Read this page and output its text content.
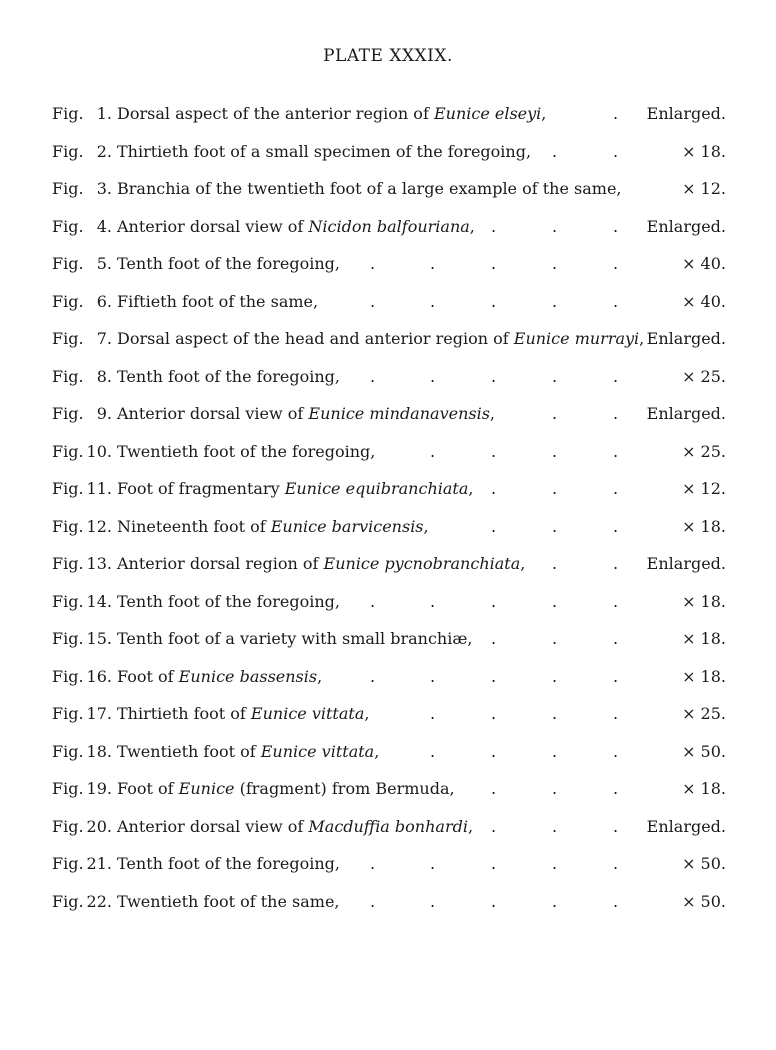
PLATE XXXIX.
Fig. 1. Dorsal aspect of the anterior region of Eunice elseyi,	Enlarged.
.
Fig. 2. Thirtieth foot of a small specimen of the foregoing,	× 18.
.	.
Fig. 3. Branchia of the twentieth foot of a large example of the same,	× 12.
Fig. 4. Anterior dorsal view of Nicidon balfouriana,	Enlarged.
.	.	.
Fig. 5. Tenth foot of the foregoing,	× 40.
.	.	.	.	.
Fig. 6. Fiftieth foot of the same,	× 40.
.	.	.	.	.
Fig. 7. Dorsal aspect of the head and anterior region of Eunice murrayi, Enlarged.
Fig. 8. Tenth foot of the foregoing,	× 25.
.	.	.	.	.
Fig. 9. Anterior dorsal view of Eunice mindanavensis,	Enlarged.
.	.
Fig. 10. Twentieth foot of the foregoing,	× 25.
.	.	.	.
Fig. 11. Foot of fragmentary Eunice equibranchiata,	× 12.
.	.	.
Fig. 12. Nineteenth foot of Eunice barvicensis,	× 18.
.	.	.
Fig. 13. Anterior dorsal region of Eunice pycnobranchiata,	Enlarged.
.	.
Fig. 14. Tenth foot of the foregoing,	× 18.
.	.	.	.	.
Fig. 15. Tenth foot of a variety with small branchiæ,	× 18.
.	.	.
Fig. 16. Foot of Eunice bassensis,	× 18.
.	.	.	.	.
Fig. 17. Thirtieth foot of Eunice vittata,	× 25.
.	.	.	.
Fig. 18. Twentieth foot of Eunice vittata,	× 50.
.	.	.	.
Fig. 19. Foot of Eunice (fragment) from Bermuda,	× 18.
.	.	.
Fig. 20. Anterior dorsal view of Macduffia bonhardi,	Enlarged.
.	.	.
Fig. 21. Tenth foot of the foregoing,	× 50.
.	.	.	.	.
Fig. 22. Twentieth foot of the same,	× 50.
.	.	.	.	.
